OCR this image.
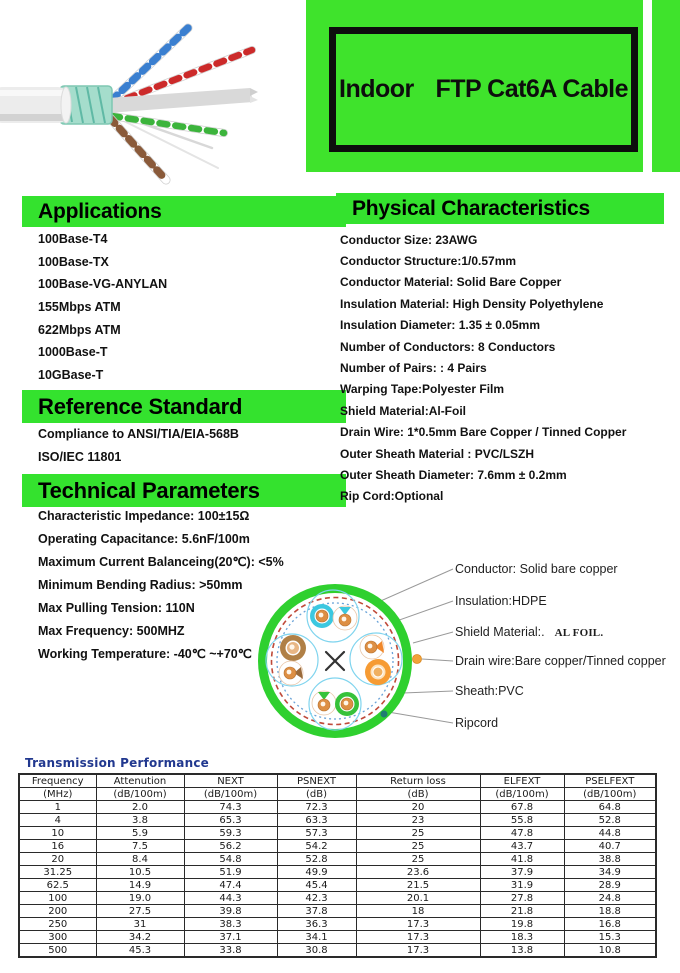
Indoor FTP Cat6A Cable
Applications	Physical Characteristics
Reference Standard
Technical Parameters
100Base-T4
100Base-TX
100Base-VG-ANYLAN
155Mbps ATM
622Mbps ATM
1000Base-T
10GBase-T
Compliance to ANSI/TIA/EIA-568B
ISO/IEC 11801
Characteristic Impedance: 100±15Ω
Operating Capacitance: 5.6nF/100m
Maximum Current Balanceing(20℃): <5%
Minimum Bending Radius: >50mm
Max Pulling Tension: 110N
Max Frequency: 500MHZ
Working Temperature: -40℃ ~+70℃
Conductor Size: 23AWG
Conductor Structure:1/0.57mm
Conductor Material: Solid Bare Copper
Insulation Material: High Density Polyethylene
Insulation Diameter: 1.35 ± 0.05mm
Number of Conductors: 8 Conductors
Number of Pairs: : 4 Pairs
Warping Tape:Polyester Film
Shield Material:Al-Foil
Drain Wire: 1*0.5mm Bare Copper / Tinned Copper
Outer Sheath Material : PVC/LSZH
Outer Sheath Diameter: 7.6mm ± 0.2mm
Rip Cord:Optional
Conductor: Solid bare copper
Insulation:HDPE
Shield Material:. AL FOIL.
Drain wire:Bare copper/Tinned copper
Sheath:PVC
Ripcord
Transmission Performance
Frequency	Attenution	NEXT	PSNEXT	Return loss	ELFEXT	PSELFEXT
(MHz)	(dB/100m)	(dB/100m)	(dB)	(dB)	(dB/100m)	(dB/100m)
1	2.0	74.3	72.3	20	67.8	64.8
4	3.8	65.3	63.3	23	55.8	52.8
10	5.9	59.3	57.3	25	47.8	44.8
16	7.5	56.2	54.2	25	43.7	40.7
20	8.4	54.8	52.8	25	41.8	38.8
31.25	10.5	51.9	49.9	23.6	37.9	34.9
62.5	14.9	47.4	45.4	21.5	31.9	28.9
100	19.0	44.3	42.3	20.1	27.8	24.8
200	27.5	39.8	37.8	18	21.8	18.8
250	31	38.3	36.3	17.3	19.8	16.8
300	34.2	37.1	34.1	17.3	18.3	15.3
500	45.3	33.8	30.8	17.3	13.8	10.8
